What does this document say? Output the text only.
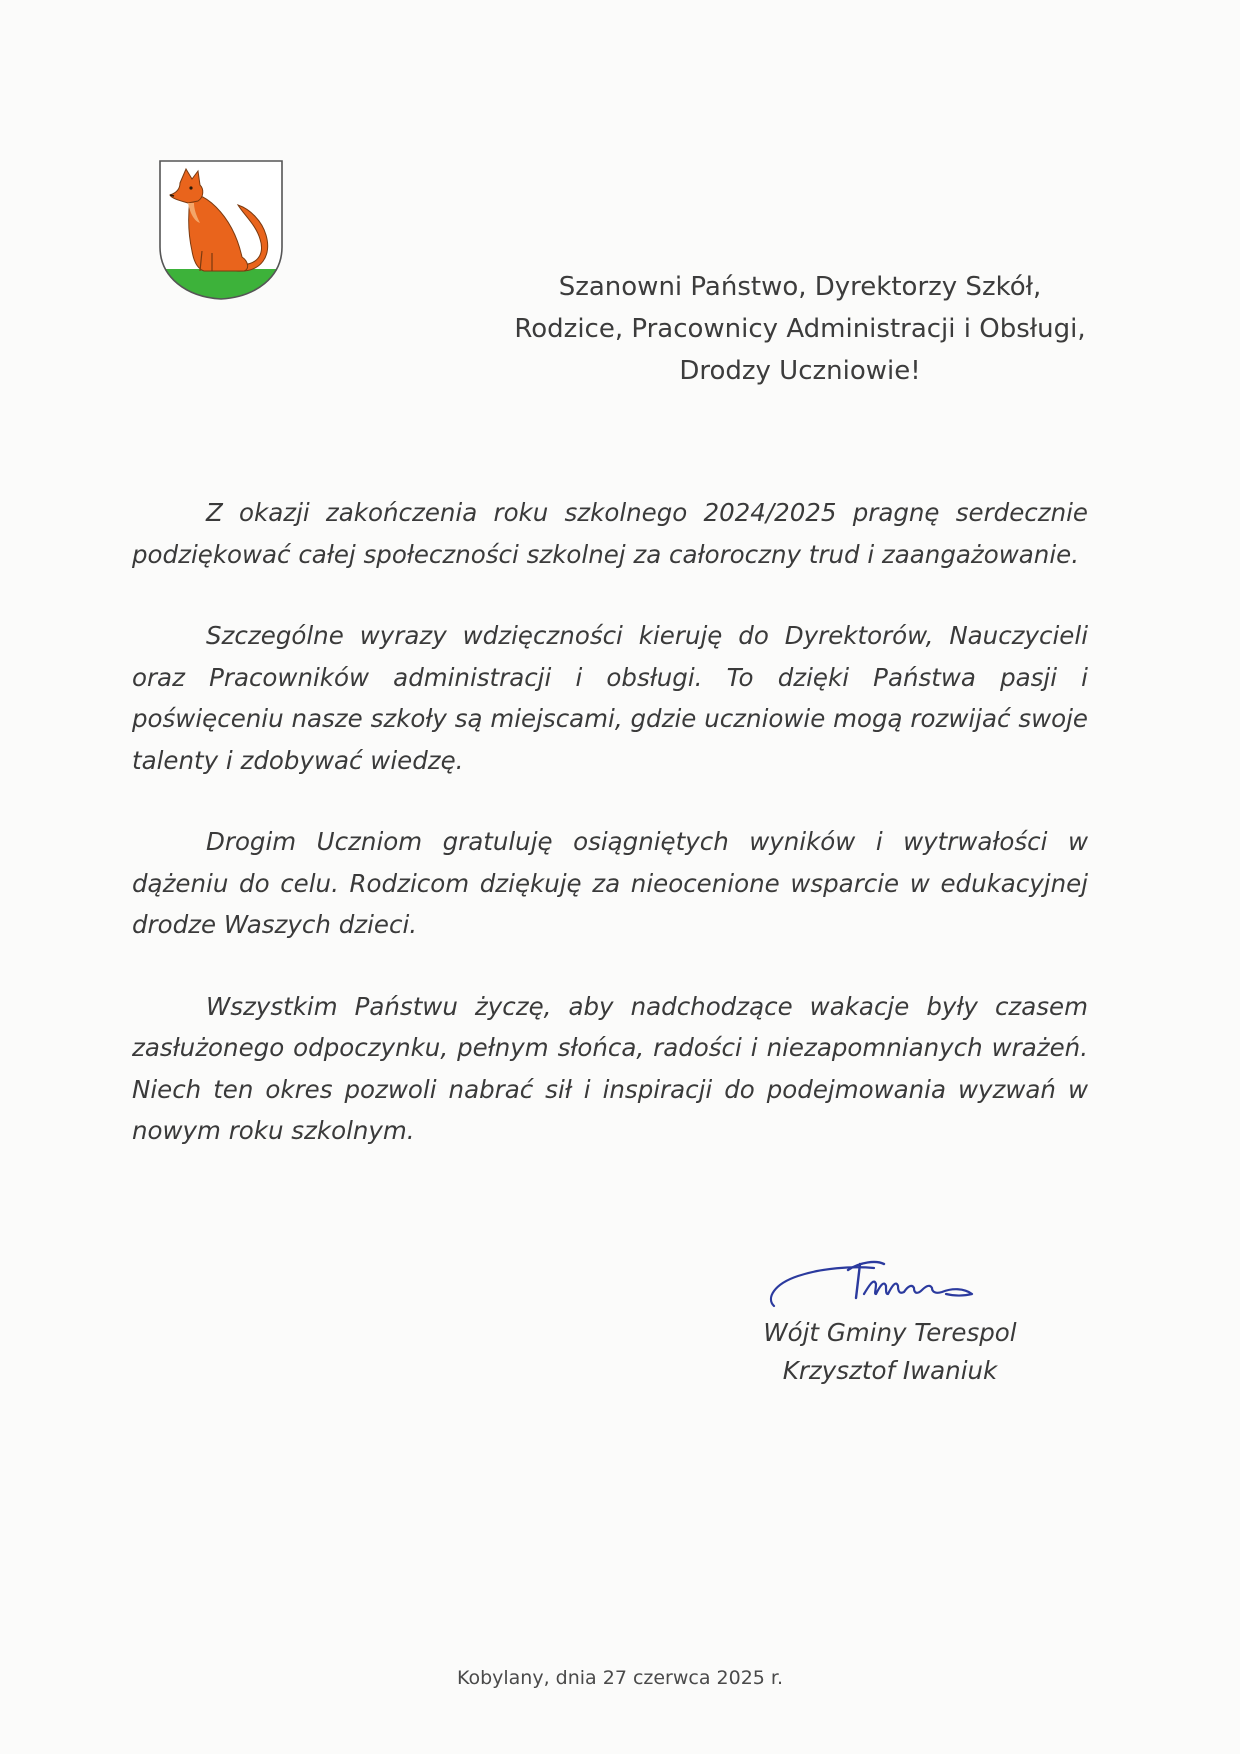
Szanowni Państwo, Dyrektorzy Szkół,
Rodzice, Pracownicy Administracji i Obsługi,
Drodzy Uczniowie!

Z okazji zakończenia roku szkolnego 2024/2025 pragnę serdecznie podziękować całej społeczności szkolnej za całoroczny trud i zaangażowanie.

Szczególne wyrazy wdzięczności kieruję do Dyrektorów, Nauczycieli oraz Pracowników administracji i obsługi. To dzięki Państwa pasji i poświęceniu nasze szkoły są miejscami, gdzie uczniowie mogą rozwijać swoje talenty i zdobywać wiedzę.

Drogim Uczniom gratuluję osiągniętych wyników i wytrwałości w dążeniu do celu. Rodzicom dziękuję za nieocenione wsparcie w edukacyjnej drodze Waszych dzieci.

Wszystkim Państwu życzę, aby nadchodzące wakacje były czasem zasłużonego odpoczynku, pełnym słońca, radości i niezapomnianych wrażeń. Niech ten okres pozwoli nabrać sił i inspiracji do podejmowania wyzwań w nowym roku szkolnym.

Wójt Gminy Terespol
Krzysztof Iwaniuk
Kobylany, dnia 27 czerwca 2025 r.
